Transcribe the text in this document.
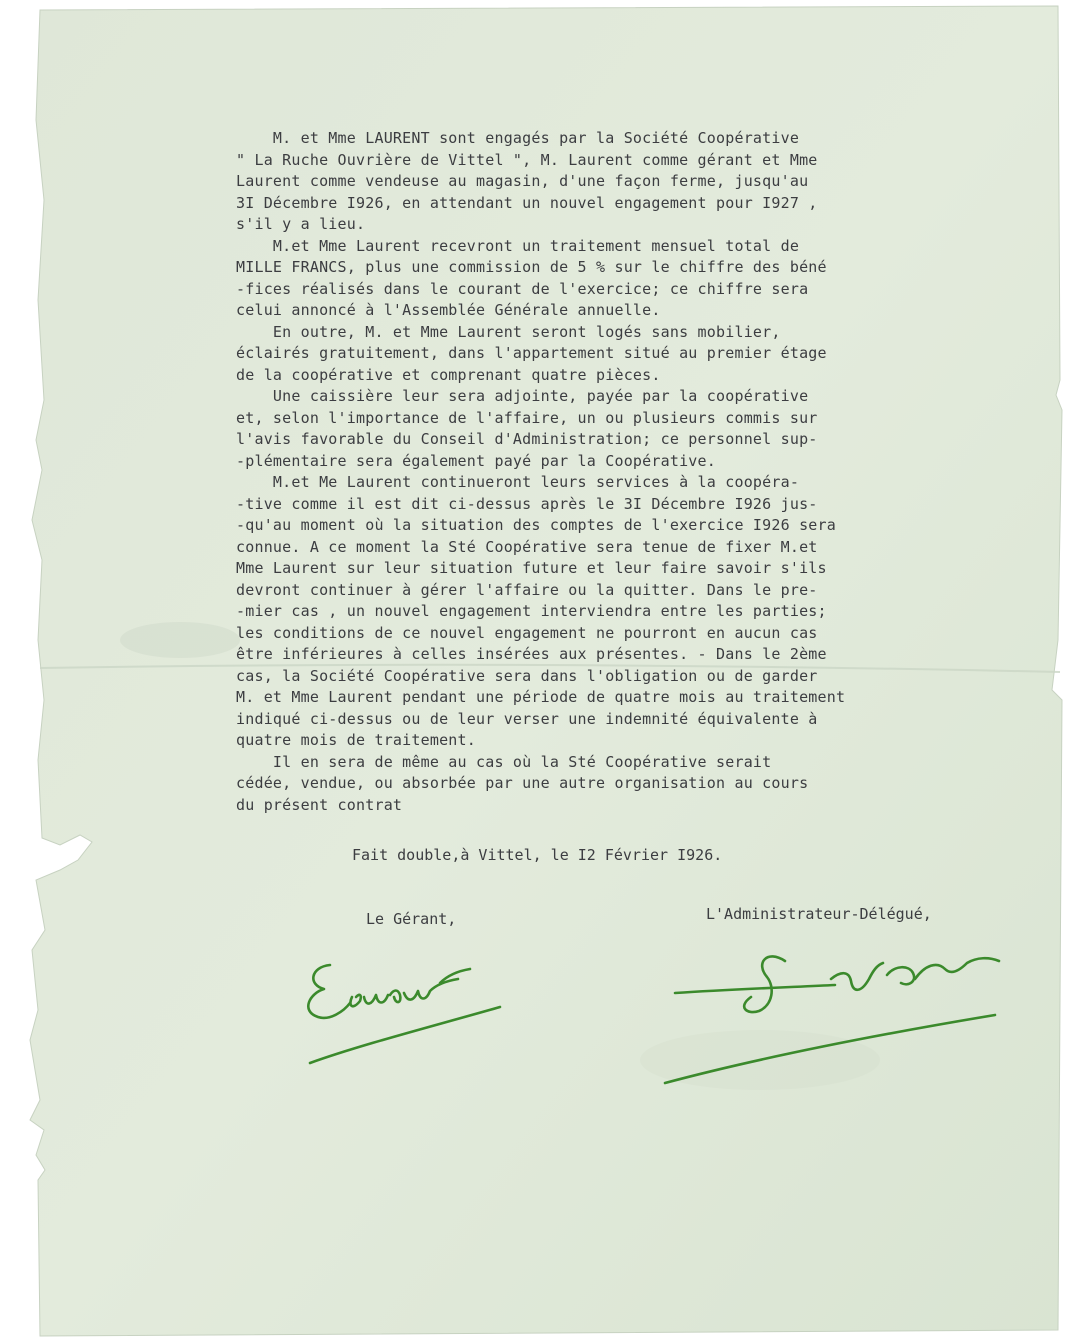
M. et Mme LAURENT sont engagés par la Société Coopérative
" La Ruche Ouvrière de Vittel ", M. Laurent comme gérant et Mme
Laurent comme vendeuse au magasin, d'une façon ferme, jusqu'au
3I Décembre I926, en attendant un nouvel engagement pour I927 ,
s'il y a lieu.
M.et Mme Laurent recevront un traitement mensuel total de
MILLE FRANCS, plus une commission de 5 % sur le chiffre des béné
-fices réalisés dans le courant de l'exercice; ce chiffre sera
celui annoncé à l'Assemblée Générale annuelle.
En outre, M. et Mme Laurent seront logés sans mobilier,
éclairés gratuitement, dans l'appartement situé au premier étage
de la coopérative et comprenant quatre pièces.
Une caissière leur sera adjointe, payée par la coopérative
et, selon l'importance de l'affaire, un ou plusieurs commis sur
l'avis favorable du Conseil d'Administration; ce personnel sup-
-plémentaire sera également payé par la Coopérative.
M.et Me Laurent continueront leurs services à la coopéra-
-tive comme il est dit ci-dessus après le 3I Décembre I926 jus-
-qu'au moment où la situation des comptes de l'exercice I926 sera
connue. A ce moment la Sté Coopérative sera tenue de fixer M.et
Mme Laurent sur leur situation future et leur faire savoir s'ils
devront continuer à gérer l'affaire ou la quitter. Dans le pre-
-mier cas , un nouvel engagement interviendra entre les parties;
les conditions de ce nouvel engagement ne pourront en aucun cas
être inférieures à celles insérées aux présentes. - Dans le 2ème
cas, la Société Coopérative sera dans l'obligation ou de garder
M. et Mme Laurent pendant une période de quatre mois au traitement
indiqué ci-dessus ou de leur verser une indemnité équivalente à
quatre mois de traitement.
Il en sera de même au cas où la Sté Coopérative serait
cédée, vendue, ou absorbée par une autre organisation au cours
du présent contrat
Fait double,à Vittel, le I2 Février I926.
Le Gérant,	L'Administrateur-Délégué,
